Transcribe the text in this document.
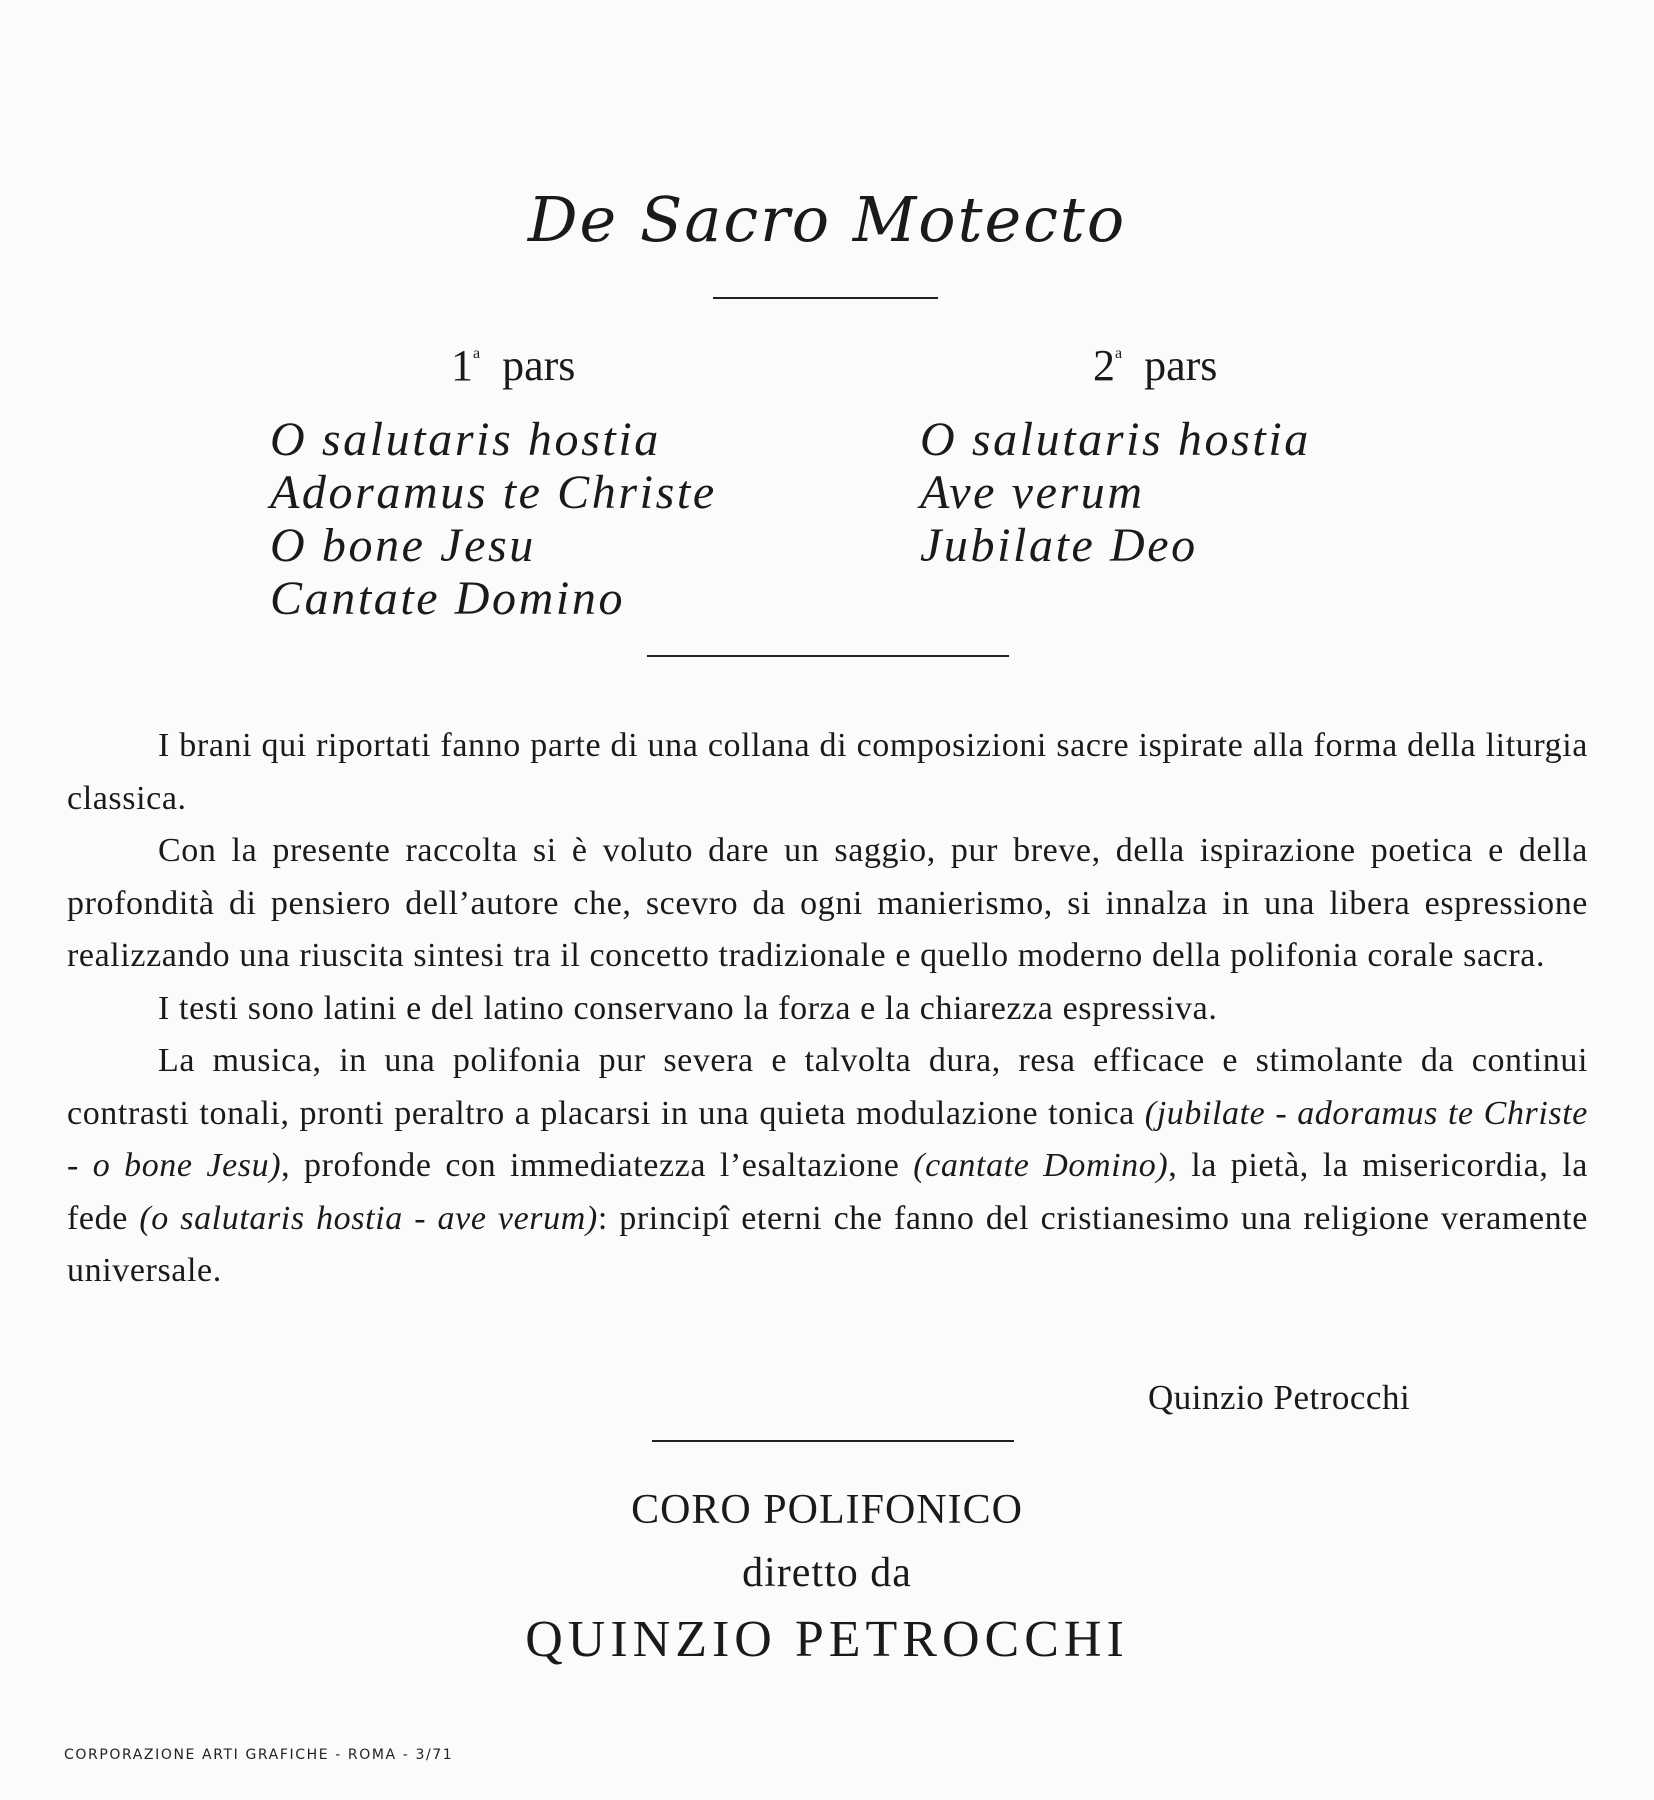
De Sacro Motecto
1$^a$ pars	2$^a$ pars
O salutaris hostia
Adoramus te Christe
O bone Jesu
Cantate Domino
O salutaris hostia
Ave verum
Jubilate Deo

I brani qui riportati fanno parte di una collana di composizioni sacre ispirate alla forma della liturgia classica.

Con la presente raccolta si è voluto dare un saggio, pur breve, della ispirazione poetica e della profondità di pensiero dell’autore che, scevro da ogni manierismo, si innalza in una libera espressione realizzando una riuscita sintesi tra il concetto tradizionale e quello moderno della polifonia corale sacra.

I testi sono latini e del latino conservano la forza e la chiarezza espressiva.

La musica, in una polifonia pur severa e talvolta dura, resa efficace e stimolante da continui contrasti tonali, pronti peraltro a placarsi in una quieta modulazione tonica (jubilate - adoramus te Christe - o bone Jesu), profonde con immediatezza l’esaltazione (cantate Domino), la pietà, la misericordia, la fede (o salutaris hostia - ave verum): principî eterni che fanno del cristianesimo una religione veramente universale.

Quinzio Petrocchi
CORO POLIFONICO
diretto da
QUINZIO PETROCCHI
CORPORAZIONE ARTI GRAFICHE - ROMA - 3/71
